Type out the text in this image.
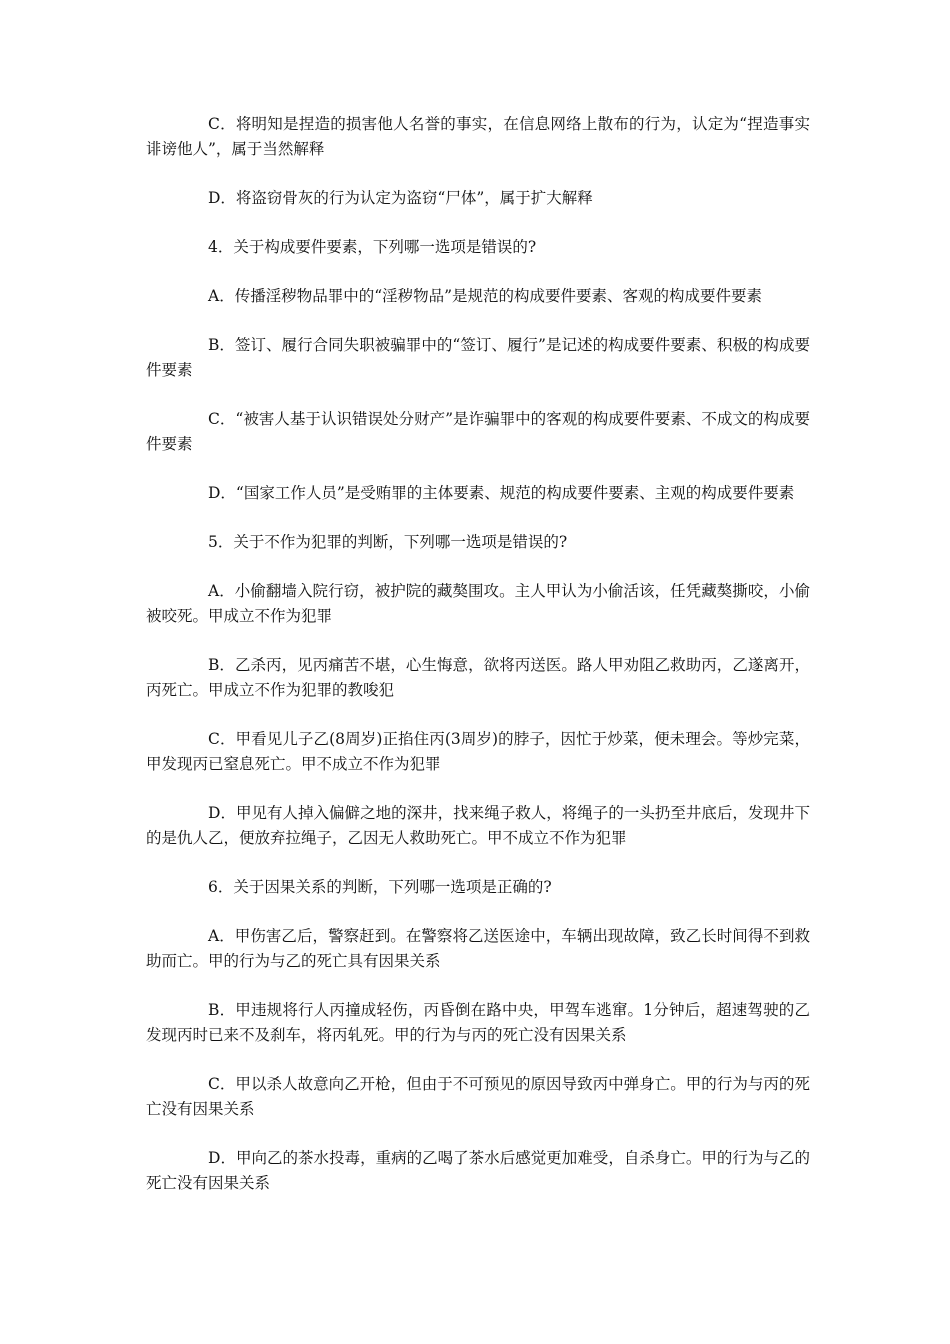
C．将明知是捏造的损害他人名誉的事实，在信息网络上散布的行为，认定为“捏造事实诽谤他人”，属于当然解释

D．将盗窃骨灰的行为认定为盗窃“尸体”，属于扩大解释

4．关于构成要件要素，下列哪一选项是错误的?

A．传播淫秽物品罪中的“淫秽物品”是规范的构成要件要素、客观的构成要件要素

B．签订、履行合同失职被骗罪中的“签订、履行”是记述的构成要件要素、积极的构成要件要素

C．“被害人基于认识错误处分财产”是诈骗罪中的客观的构成要件要素、不成文的构成要件要素

D．“国家工作人员”是受贿罪的主体要素、规范的构成要件要素、主观的构成要件要素

5．关于不作为犯罪的判断，下列哪一选项是错误的?

A．小偷翻墙入院行窃，被护院的藏獒围攻。主人甲认为小偷活该，任凭藏獒撕咬，小偷被咬死。甲成立不作为犯罪

B．乙杀丙，见丙痛苦不堪，心生悔意，欲将丙送医。路人甲劝阻乙救助丙，乙遂离开，丙死亡。甲成立不作为犯罪的教唆犯

C．甲看见儿子乙(8周岁)正掐住丙(3周岁)的脖子，因忙于炒菜，便未理会。等炒完菜，甲发现丙已窒息死亡。甲不成立不作为犯罪

D．甲见有人掉入偏僻之地的深井，找来绳子救人，将绳子的一头扔至井底后，发现井下的是仇人乙，便放弃拉绳子，乙因无人救助死亡。甲不成立不作为犯罪

6．关于因果关系的判断，下列哪一选项是正确的?

A．甲伤害乙后，警察赶到。在警察将乙送医途中，车辆出现故障，致乙长时间得不到救助而亡。甲的行为与乙的死亡具有因果关系

B．甲违规将行人丙撞成轻伤，丙昏倒在路中央，甲驾车逃窜。1分钟后，超速驾驶的乙发现丙时已来不及刹车，将丙轧死。甲的行为与丙的死亡没有因果关系

C．甲以杀人故意向乙开枪，但由于不可预见的原因导致丙中弹身亡。甲的行为与丙的死亡没有因果关系

D．甲向乙的茶水投毒，重病的乙喝了茶水后感觉更加难受，自杀身亡。甲的行为与乙的死亡没有因果关系
